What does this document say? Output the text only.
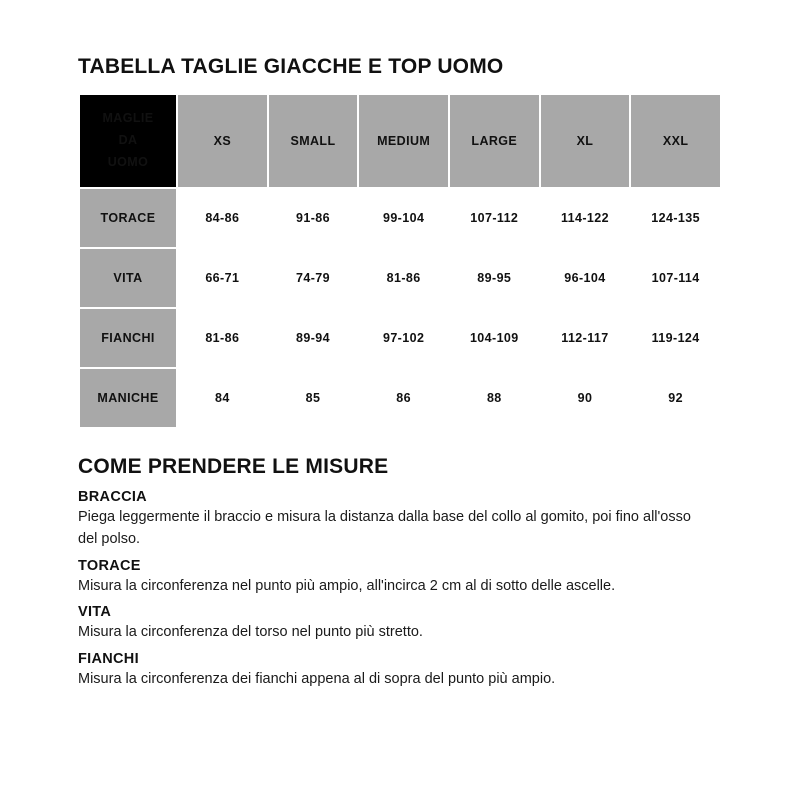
TABELLA TAGLIE GIACCHE E TOP UOMO
MAGLIE
DA
UOMO	XS	SMALL	MEDIUM	LARGE	XL	XXL
TORACE	84-86	91-86	99-104	107-112	114-122	124-135
VITA	66-71	74-79	81-86	89-95	96-104	107-114
FIANCHI	81-86	89-94	97-102	104-109	112-117	119-124
MANICHE	84	85	86	88	90	92
COME PRENDERE LE MISURE
BRACCIA

Piega leggermente il braccio e misura la distanza dalla base del collo al gomito, poi fino all'osso del polso.

TORACE

Misura la circonferenza nel punto più ampio, all'incirca 2 cm al di sotto delle ascelle.

VITA

Misura la circonferenza del torso nel punto più stretto.

FIANCHI

Misura la circonferenza dei fianchi appena al di sopra del punto più ampio.
